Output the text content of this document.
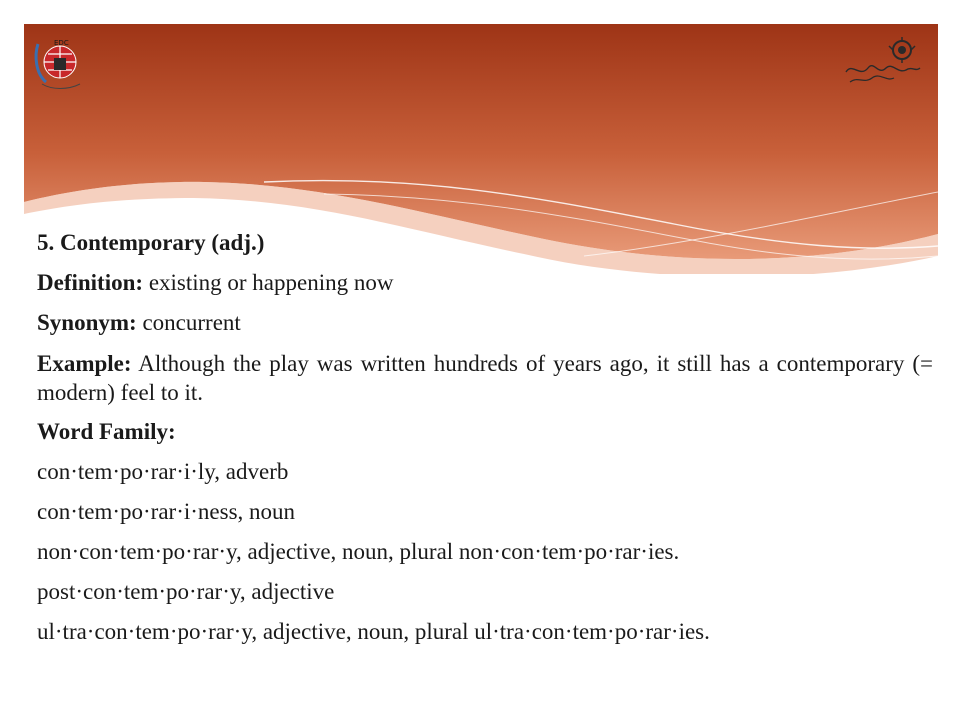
EDC
5. Contemporary (adj.)
Definition: existing or happening now
Synonym: concurrent
Example: Although the play was written hundreds of years ago, it still has a contemporary (= modern) feel to it.
Word Family:
con·tem·po·rar·i·ly, adverb
con·tem·po·rar·i·ness, noun
non·con·tem·po·rar·y, adjective, noun, plural non·con·tem·po·rar·ies.
post·con·tem·po·rar·y, adjective
ul·tra·con·tem·po·rar·y, adjective, noun, plural ul·tra·con·tem·po·rar·ies.
